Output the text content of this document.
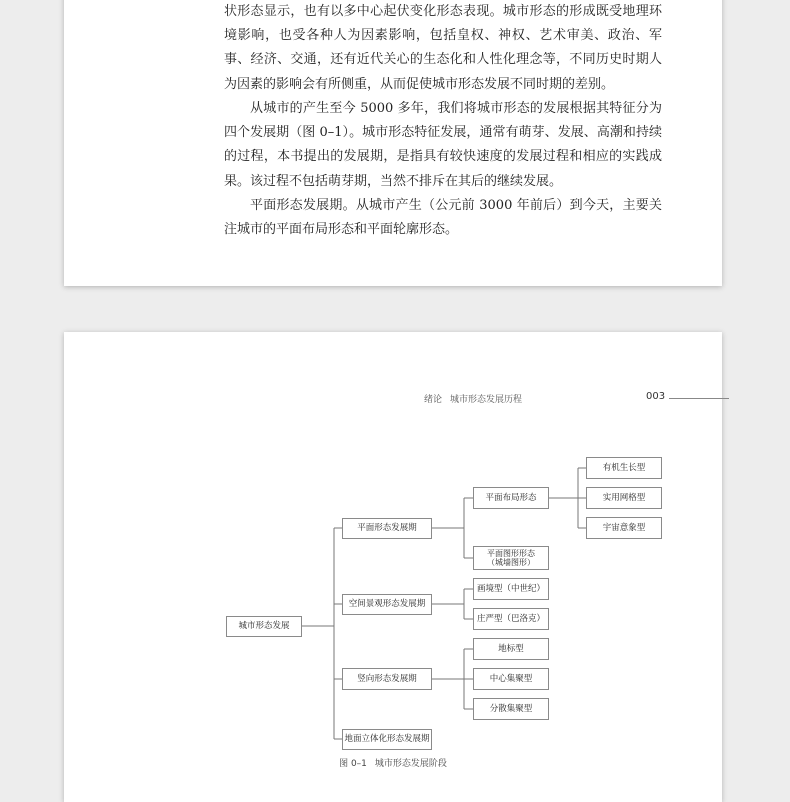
状形态显示，也有以多中心起伏变化形态表现。城市形态的形成既受地理环境影响，也受各种人为因素影响，包括皇权、神权、艺术审美、政治、军事、经济、交通，还有近代关心的生态化和人性化理念等，不同历史时期人为因素的影响会有所侧重，从而促使城市形态发展不同时期的差别。

从城市的产生至今 5000 多年，我们将城市形态的发展根据其特征分为四个发展期（图 0–1）。城市形态特征发展，通常有萌芽、发展、高潮和持续的过程，本书提出的发展期，是指具有较快速度的发展过程和相应的实践成果。该过程不包括萌芽期，当然不排斥在其后的继续发展。

平面形态发展期。从城市产生（公元前 3000 年前后）到今天，主要关注城市的平面布局形态和平面轮廓形态。

绪论 城市形态发展历程	003
城市形态发展
平面形态发展期
空间景观形态发展期
竖向形态发展期
地面立体化形态发展期
平面布局形态
平面图形形态
（城墙图形）
有机生长型
实用网格型
宇宙意象型
画境型（中世纪）
庄严型（巴洛克）
地标型
中心集聚型
分散集聚型
图 0–1 城市形态发展阶段
